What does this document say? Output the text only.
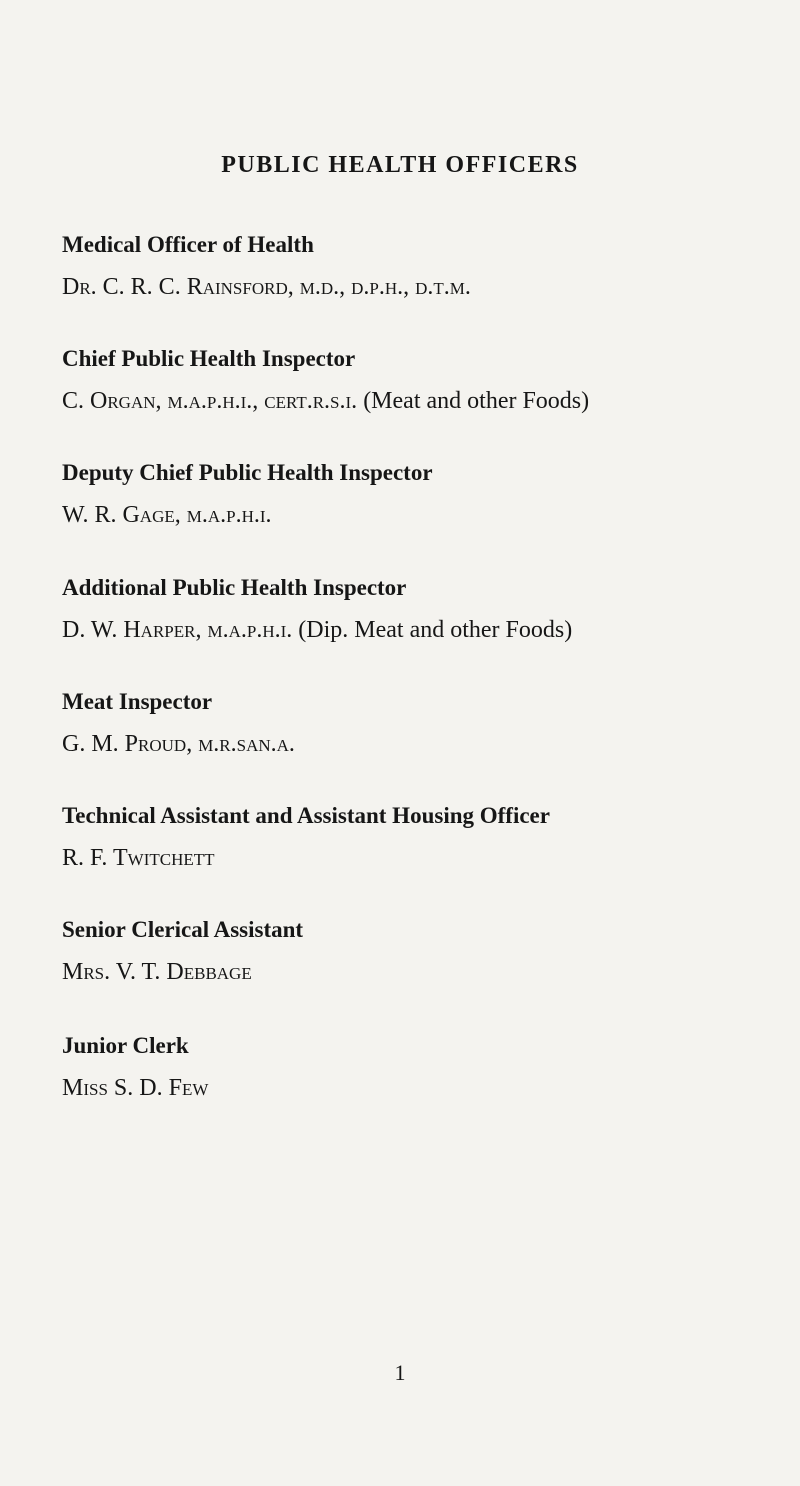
PUBLIC HEALTH OFFICERS
Medical Officer of Health
Dr. C. R. C. Rainsford, m.d., d.p.h., d.t.m.
Chief Public Health Inspector
C. Organ, m.a.p.h.i., cert.r.s.i. (Meat and other Foods)
Deputy Chief Public Health Inspector
W. R. Gage, m.a.p.h.i.
Additional Public Health Inspector
D. W. Harper, m.a.p.h.i. (Dip. Meat and other Foods)
Meat Inspector
G. M. Proud, m.r.san.a.
Technical Assistant and Assistant Housing Officer
R. F. Twitchett
Senior Clerical Assistant
Mrs. V. T. Debbage
Junior Clerk
Miss S. D. Few
1
